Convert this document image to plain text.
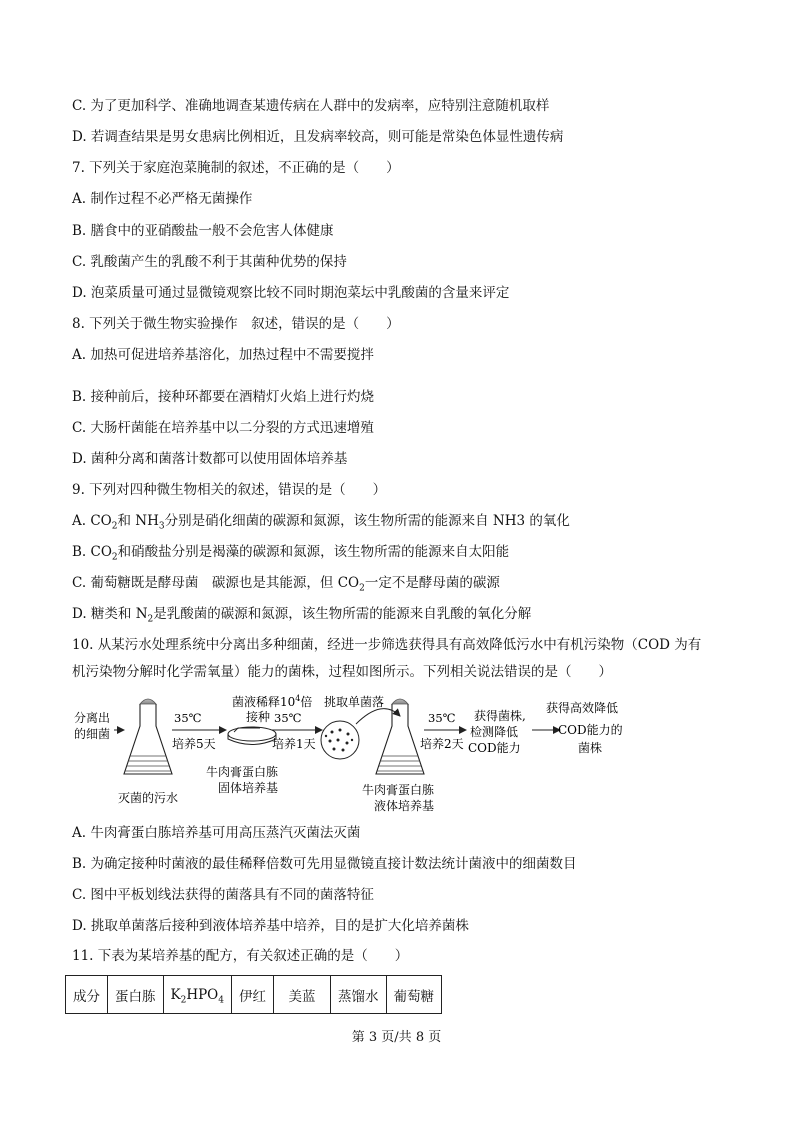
C. 为了更加科学、准确地调查某遗传病在人群中的发病率，应特别注意随机取样
D. 若调查结果是男女患病比例相近，且发病率较高，则可能是常染色体显性遗传病
7. 下列关于家庭泡菜腌制的叙述，不正确的是（　　）
A. 制作过程不必严格无菌操作
B. 膳食中的亚硝酸盐一般不会危害人体健康
C. 乳酸菌产生的乳酸不利于其菌种优势的保持
D. 泡菜质量可通过显微镜观察比较不同时期泡菜坛中乳酸菌的含量来评定
8. 下列关于微生物实验操作　叙述，错误的是（　　）
A. 加热可促进培养基溶化，加热过程中不需要搅拌
B. 接种前后，接种环都要在酒精灯火焰上进行灼烧
C. 大肠杆菌能在培养基中以二分裂的方式迅速增殖
D. 菌种分离和菌落计数都可以使用固体培养基
9. 下列对四种微生物相关的叙述，错误的是（　　）
A. $CO_2$和 $NH_3$分别是硝化细菌的碳源和氮源，该生物所需的能源来自 NH3 的氧化
B. $CO_2$和硝酸盐分别是褐藻的碳源和氮源，该生物所需的能源来自太阳能
C. 葡萄糖既是酵母菌　碳源也是其能源，但 $CO_2$一定不是酵母菌的碳源
D. 糖类和 $N_2$是乳酸菌的碳源和氮源，该生物所需的能源来自乳酸的氧化分解
10. 从某污水处理系统中分离出多种细菌，经进一步筛选获得具有高效降低污水中有机污染物（COD 为有
机污染物分解时化学需氧量）能力的菌株，过程如图所示。下列相关说法错误的是（　　）
分离出
的细菌
灭菌的污水
35℃
培养5天
菌液稀释$10^4$倍
接种
牛肉膏蛋白胨
固体培养基
35℃
培养1天
挑取单菌落
牛肉膏蛋白胨
液体培养基
35℃
培养2天
获得菌株,
检测降低
COD能力
获得高效降低
COD能力的
菌株
A. 牛肉膏蛋白胨培养基可用高压蒸汽灭菌法灭菌
B. 为确定接种时菌液的最佳稀释倍数可先用显微镜直接计数法统计菌液中的细菌数目
C. 图中平板划线法获得的菌落具有不同的菌落特征
D. 挑取单菌落后接种到液体培养基中培养，目的是扩大化培养菌株
11. 下表为某培养基的配方，有关叙述正确的是（　　）
成分	蛋白胨	$K_2HPO_4$	伊红	美蓝	蒸馏水	葡萄糖
第 3 页/共 8 页
